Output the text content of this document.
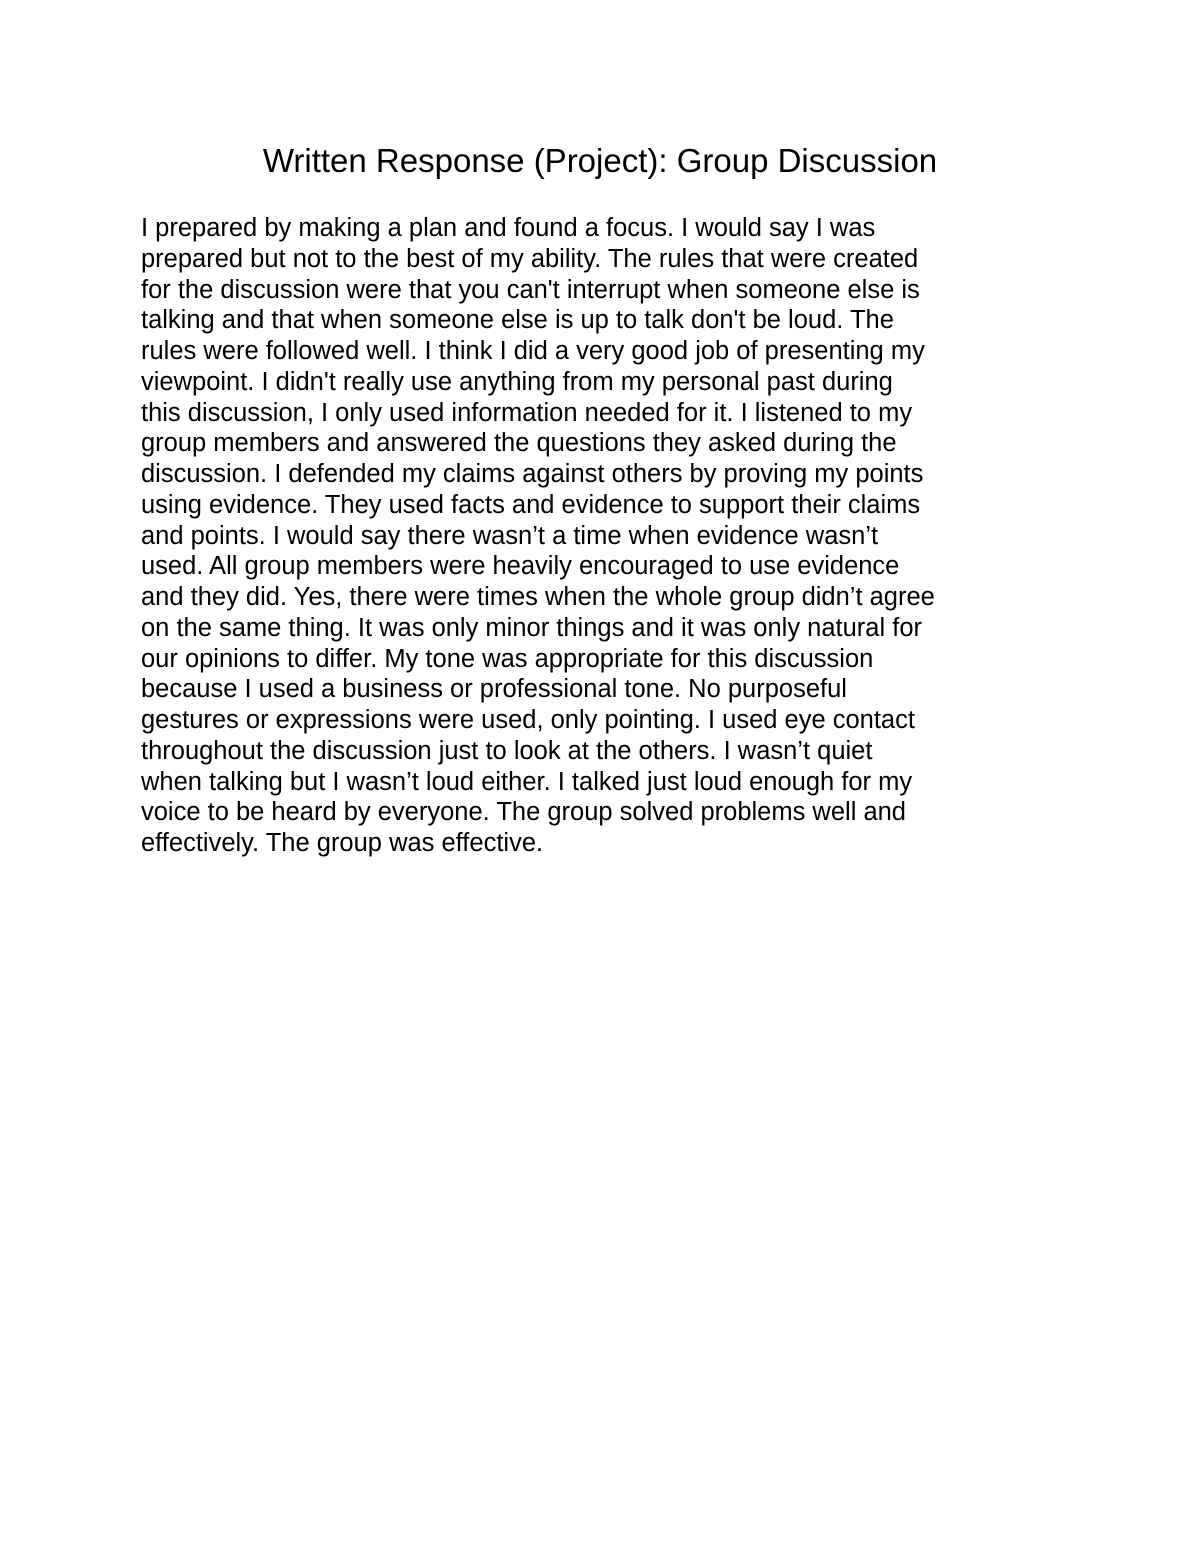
Written Response (Project): Group Discussion
I prepared by making a plan and found a focus. I would say I was
prepared but not to the best of my ability. The rules that were created
for the discussion were that you can't interrupt when someone else is
talking and that when someone else is up to talk don't be loud. The
rules were followed well. I think I did a very good job of presenting my
viewpoint. I didn't really use anything from my personal past during
this discussion, I only used information needed for it. I listened to my
group members and answered the questions they asked during the
discussion. I defended my claims against others by proving my points
using evidence. They used facts and evidence to support their claims
and points. I would say there wasn’t a time when evidence wasn’t
used. All group members were heavily encouraged to use evidence
and they did. Yes, there were times when the whole group didn’t agree
on the same thing. It was only minor things and it was only natural for
our opinions to differ. My tone was appropriate for this discussion
because I used a business or professional tone. No purposeful
gestures or expressions were used, only pointing. I used eye contact
throughout the discussion just to look at the others. I wasn’t quiet
when talking but I wasn’t loud either. I talked just loud enough for my
voice to be heard by everyone. The group solved problems well and
effectively. The group was effective.
